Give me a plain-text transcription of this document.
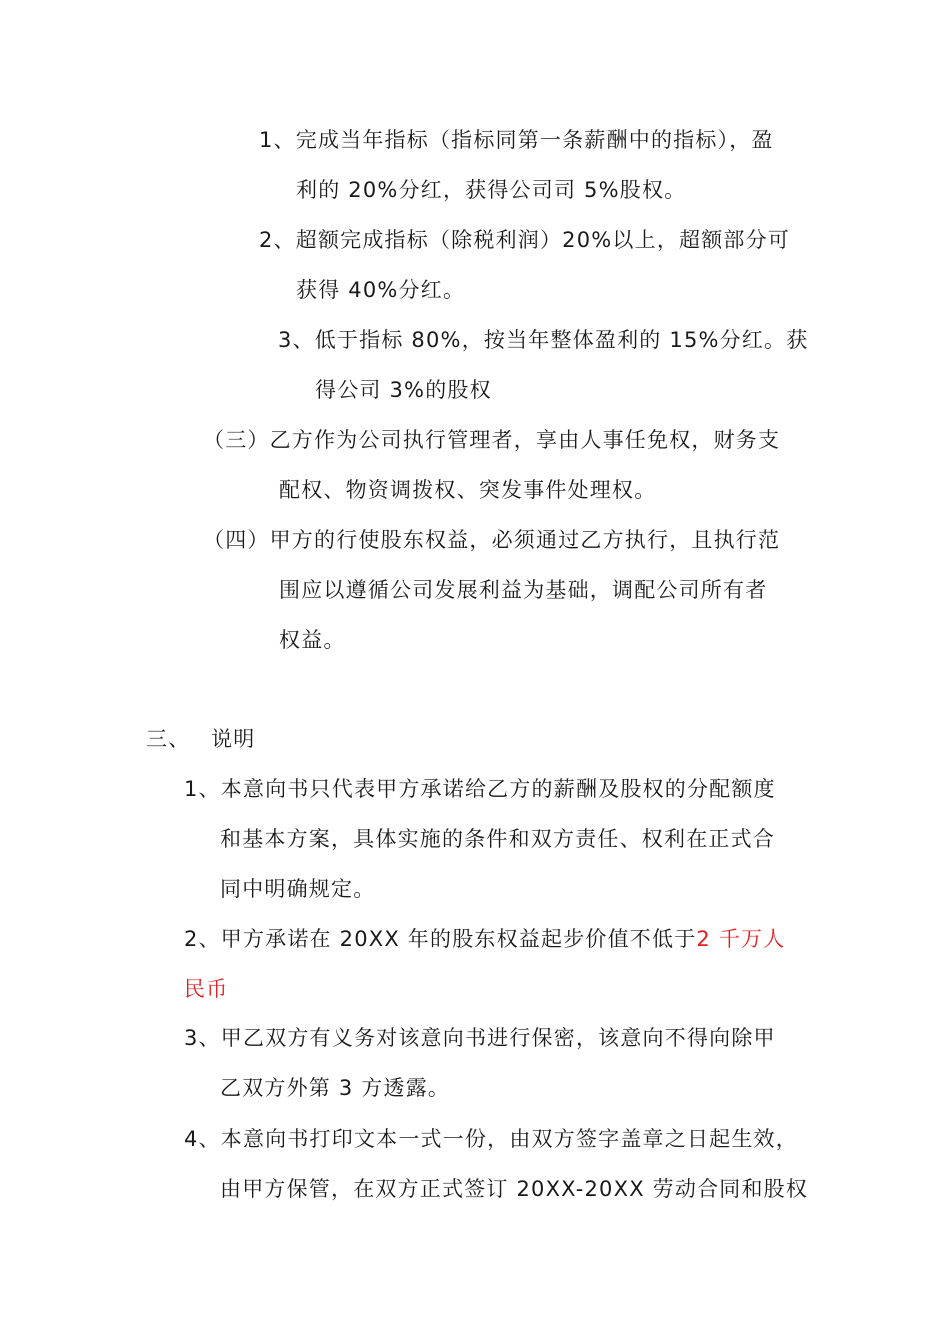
1、完成当年指标（指标同第一条薪酬中的指标），盈

利的 20%分红，获得公司司 5%股权。

2、超额完成指标（除税利润）20%以上，超额部分可

获得 40%分红。

3、低于指标 80%，按当年整体盈利的 15%分红。获

得公司 3%的股权

（三）乙方作为公司执行管理者，享由人事任免权，财务支

配权、物资调拨权、突发事件处理权。

（四）甲方的行使股东权益，必须通过乙方执行，且执行范

围应以遵循公司发展利益为基础，调配公司所有者

权益。

三、 说明

1、本意向书只代表甲方承诺给乙方的薪酬及股权的分配额度

和基本方案，具体实施的条件和双方责任、权利在正式合

同中明确规定。

2、甲方承诺在 20XX 年的股东权益起步价值不低于2 千万人

民币

3、甲乙双方有义务对该意向书进行保密，该意向不得向除甲

乙双方外第 3 方透露。

4、本意向书打印文本一式一份，由双方签字盖章之日起生效，

由甲方保管，在双方正式签订 20XX-20XX 劳动合同和股权
